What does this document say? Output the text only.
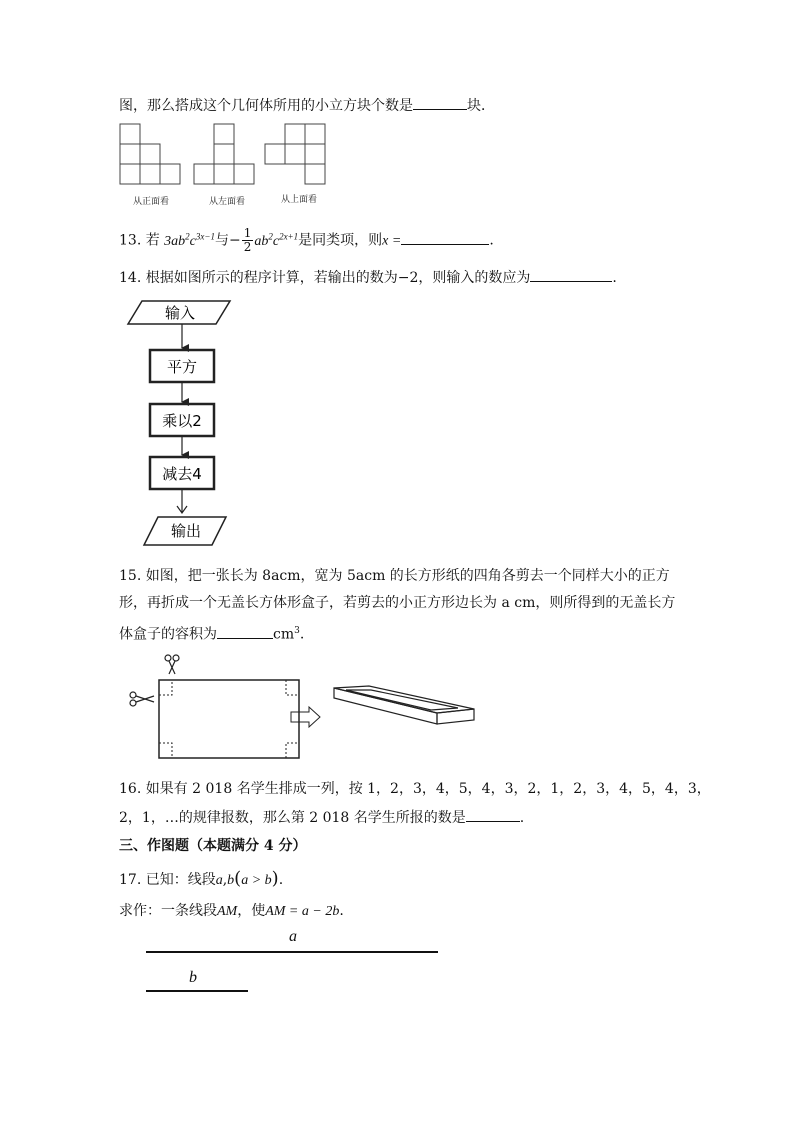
图，那么搭成这个几何体所用的小立方块个数是	块．
从正面看	从左面看	从上面看
13. 若 $3ab^2c^{3x-1}$与− $\frac{1}{2} ab^2c^{2x+1}$是同类项，则x =	.
14. 根据如图所示的程序计算，若输出的数为−2，则输入的数应为	.
输入
平方
乘以2
减去4
输出
15. 如图，把一张长为 8acm，宽为 5acm 的长方形纸的四角各剪去一个同样大小的正方
形，再折成一个无盖长方体形盒子，若剪去的小正方形边长为 a cm，则所得到的无盖长方
体盒子的容积为	$cm^3$.
16. 如果有 2 018 名学生排成一列，按 1，2，3，4，5，4，3，2，1，2，3，4，5，4，3，
2，1，…的规律报数，那么第 2 018 名学生所报的数是	.
三、作图题（本题满分 4 分）
17. 已知：线段a,b(a > b).
求作：一条线段AM，使AM = a − 2b.
a
b
